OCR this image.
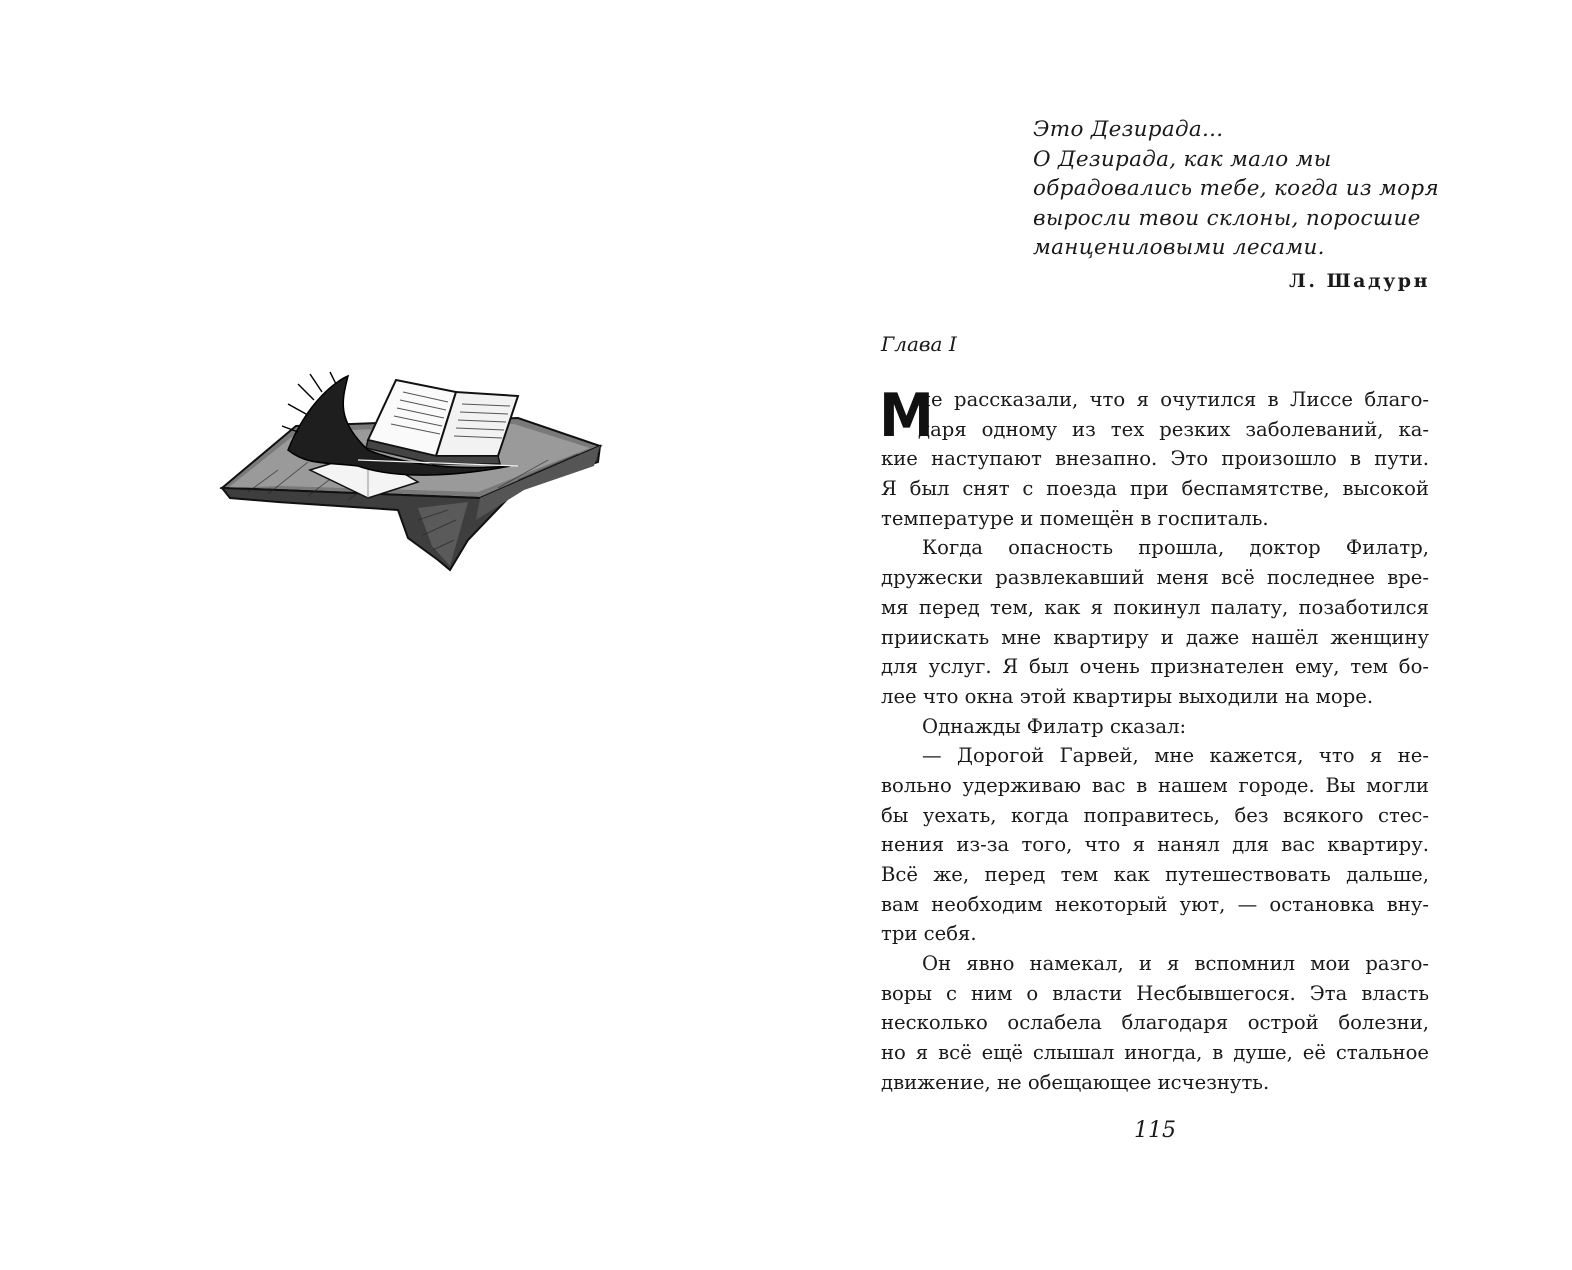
Это Дезирада...
О Дезирада, как мало мы
обрадовались тебе, когда из моря
выросли твои склоны, поросшие
манцениловыми лесами.
Л. Шадурн
Глава I
М
не рассказали, что я очутился в Лиссе благо-
даря одному из тех резких заболеваний, ка-
кие наступают внезапно. Это произошло в пути.
Я был снят с поезда при беспамятстве, высокой
температуре и помещён в госпиталь.
Когда опасность прошла, доктор Филатр,
дружески развлекавший меня всё последнее вре-
мя перед тем, как я покинул палату, позаботился
приискать мне квартиру и даже нашёл женщину
для услуг. Я был очень признателен ему, тем бо-
лее что окна этой квартиры выходили на море.
Однажды Филатр сказал:
— Дорогой Гарвей, мне кажется, что я не-
вольно удерживаю вас в нашем городе. Вы могли
бы уехать, когда поправитесь, без всякого стес-
нения из-за того, что я нанял для вас квартиру.
Всё же, перед тем как путешествовать дальше,
вам необходим некоторый уют, — остановка вну-
три себя.
Он явно намекал, и я вспомнил мои разго-
воры с ним о власти Несбывшегося. Эта власть
несколько ослабела благодаря острой болезни,
но я всё ещё слышал иногда, в душе, её стальное
движение, не обещающее исчезнуть.
115
